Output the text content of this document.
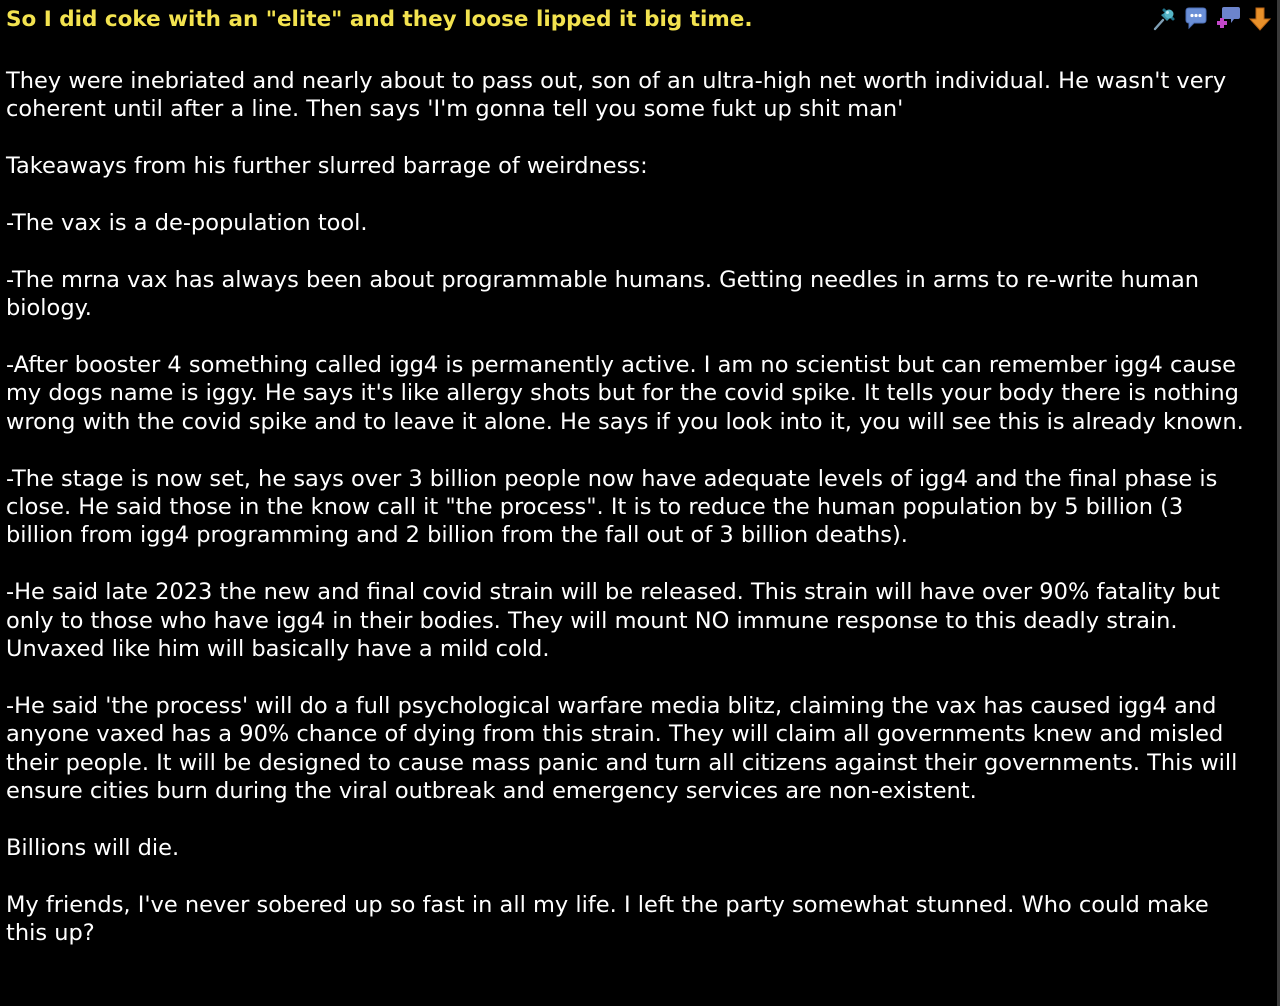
So I did coke with an "elite" and they loose lipped it big time.

They were inebriated and nearly about to pass out, son of an ultra-high net worth individual. He wasn't very coherent until after a line. Then says 'I'm gonna tell you some fukt up shit man'

Takeaways from his further slurred barrage of weirdness:

-The vax is a de-population tool.

-The mrna vax has always been about programmable humans. Getting needles in arms to re-write human biology.

-After booster 4 something called igg4 is permanently active. I am no scientist but can remember igg4 cause my dogs name is iggy. He says it's like allergy shots but for the covid spike. It tells your body there is nothing wrong with the covid spike and to leave it alone. He says if you look into it, you will see this is already known.

-The stage is now set, he says over 3 billion people now have adequate levels of igg4 and the final phase is close. He said those in the know call it "the process". It is to reduce the human population by 5 billion (3 billion from igg4 programming and 2 billion from the fall out of 3 billion deaths).

-He said late 2023 the new and final covid strain will be released. This strain will have over 90% fatality but only to those who have igg4 in their bodies. They will mount NO immune response to this deadly strain. Unvaxed like him will basically have a mild cold.

-He said 'the process' will do a full psychological warfare media blitz, claiming the vax has caused igg4 and anyone vaxed has a 90% chance of dying from this strain. They will claim all governments knew and misled their people. It will be designed to cause mass panic and turn all citizens against their governments. This will ensure cities burn during the viral outbreak and emergency services are non-existent.

Billions will die.

My friends, I've never sobered up so fast in all my life. I left the party somewhat stunned. Who could make this up?
